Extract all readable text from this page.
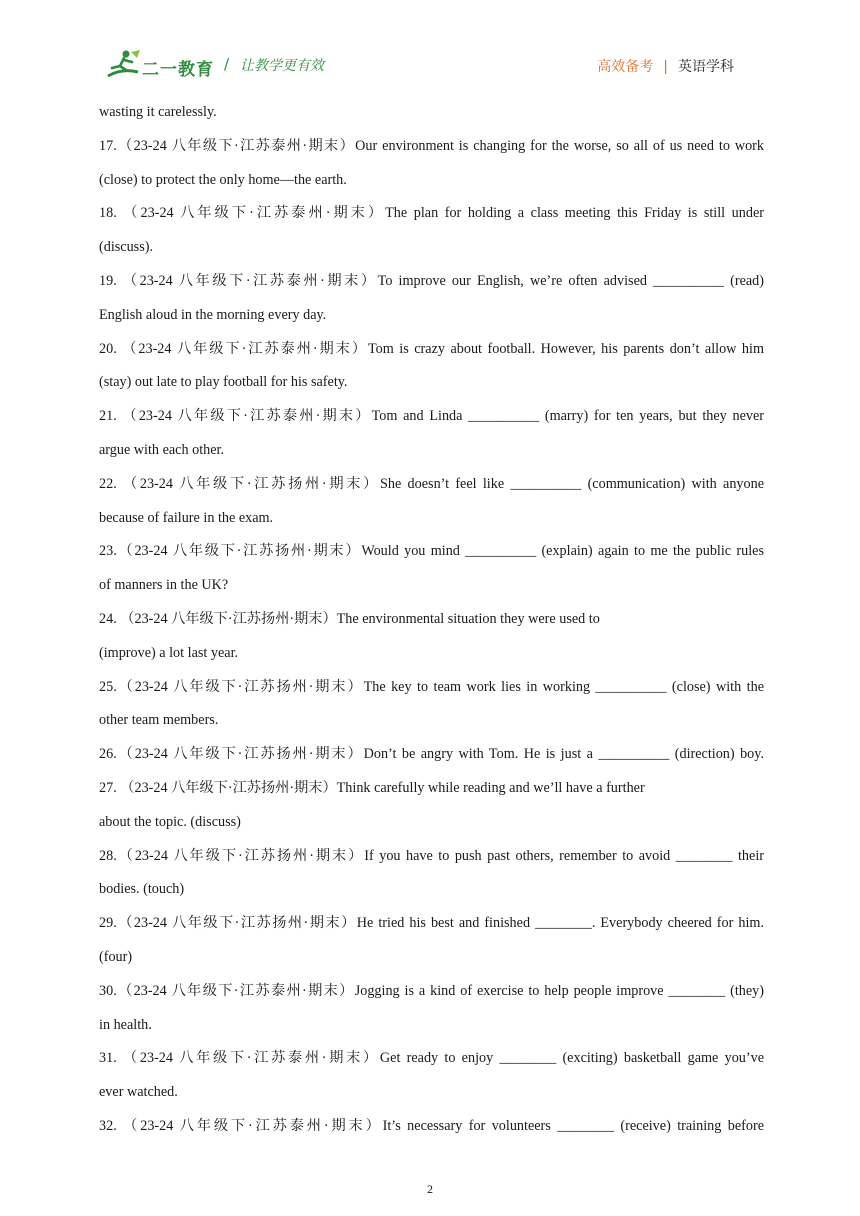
二一教育 / 让教学更有效	高效备考 | 英语学科
wasting it carelessly.
17.（23-24 八年级下·江苏泰州·期末）Our environment is changing for the worse, so all of us need to work
(close) to protect the only home—the earth.
18. （23-24 八年级下·江苏泰州·期末）The plan for holding a class meeting this Friday is still under
(discuss).
19. （23-24 八年级下·江苏泰州·期末）To improve our English, we’re often advised __________ (read)
English aloud in the morning every day.
20. （23-24 八年级下·江苏泰州·期末）Tom is crazy about football. However, his parents don’t allow him
(stay) out late to play football for his safety.
21. （23-24 八年级下·江苏泰州·期末）Tom and Linda __________ (marry) for ten years, but they never
argue with each other.
22. （23-24 八年级下·江苏扬州·期末）She doesn’t feel like __________ (communication) with anyone
because of failure in the exam.
23.（23-24 八年级下·江苏扬州·期末）Would you mind __________ (explain) again to me the public rules
of manners in the UK?
24. （23-24 八年级下·江苏扬州·期末）The environmental situation they were used to
(improve) a lot last year.
25.（23-24 八年级下·江苏扬州·期末）The key to team work lies in working __________ (close) with the
other team members.
26.（23-24 八年级下·江苏扬州·期末）Don’t be angry with Tom. He is just a __________ (direction) boy.
27. （23-24 八年级下·江苏扬州·期末）Think carefully while reading and we’ll have a further
about the topic. (discuss)
28.（23-24 八年级下·江苏扬州·期末）If you have to push past others, remember to avoid ________ their
bodies. (touch)
29.（23-24 八年级下·江苏扬州·期末）He tried his best and finished ________. Everybody cheered for him.
(four)
30.（23-24 八年级下·江苏泰州·期末）Jogging is a kind of exercise to help people improve ________ (they)
in health.
31. （23-24 八年级下·江苏泰州·期末）Get ready to enjoy ________ (exciting) basketball game you’ve
ever watched.
32. （23-24 八年级下·江苏泰州·期末）It’s necessary for volunteers ________ (receive) training before
2
